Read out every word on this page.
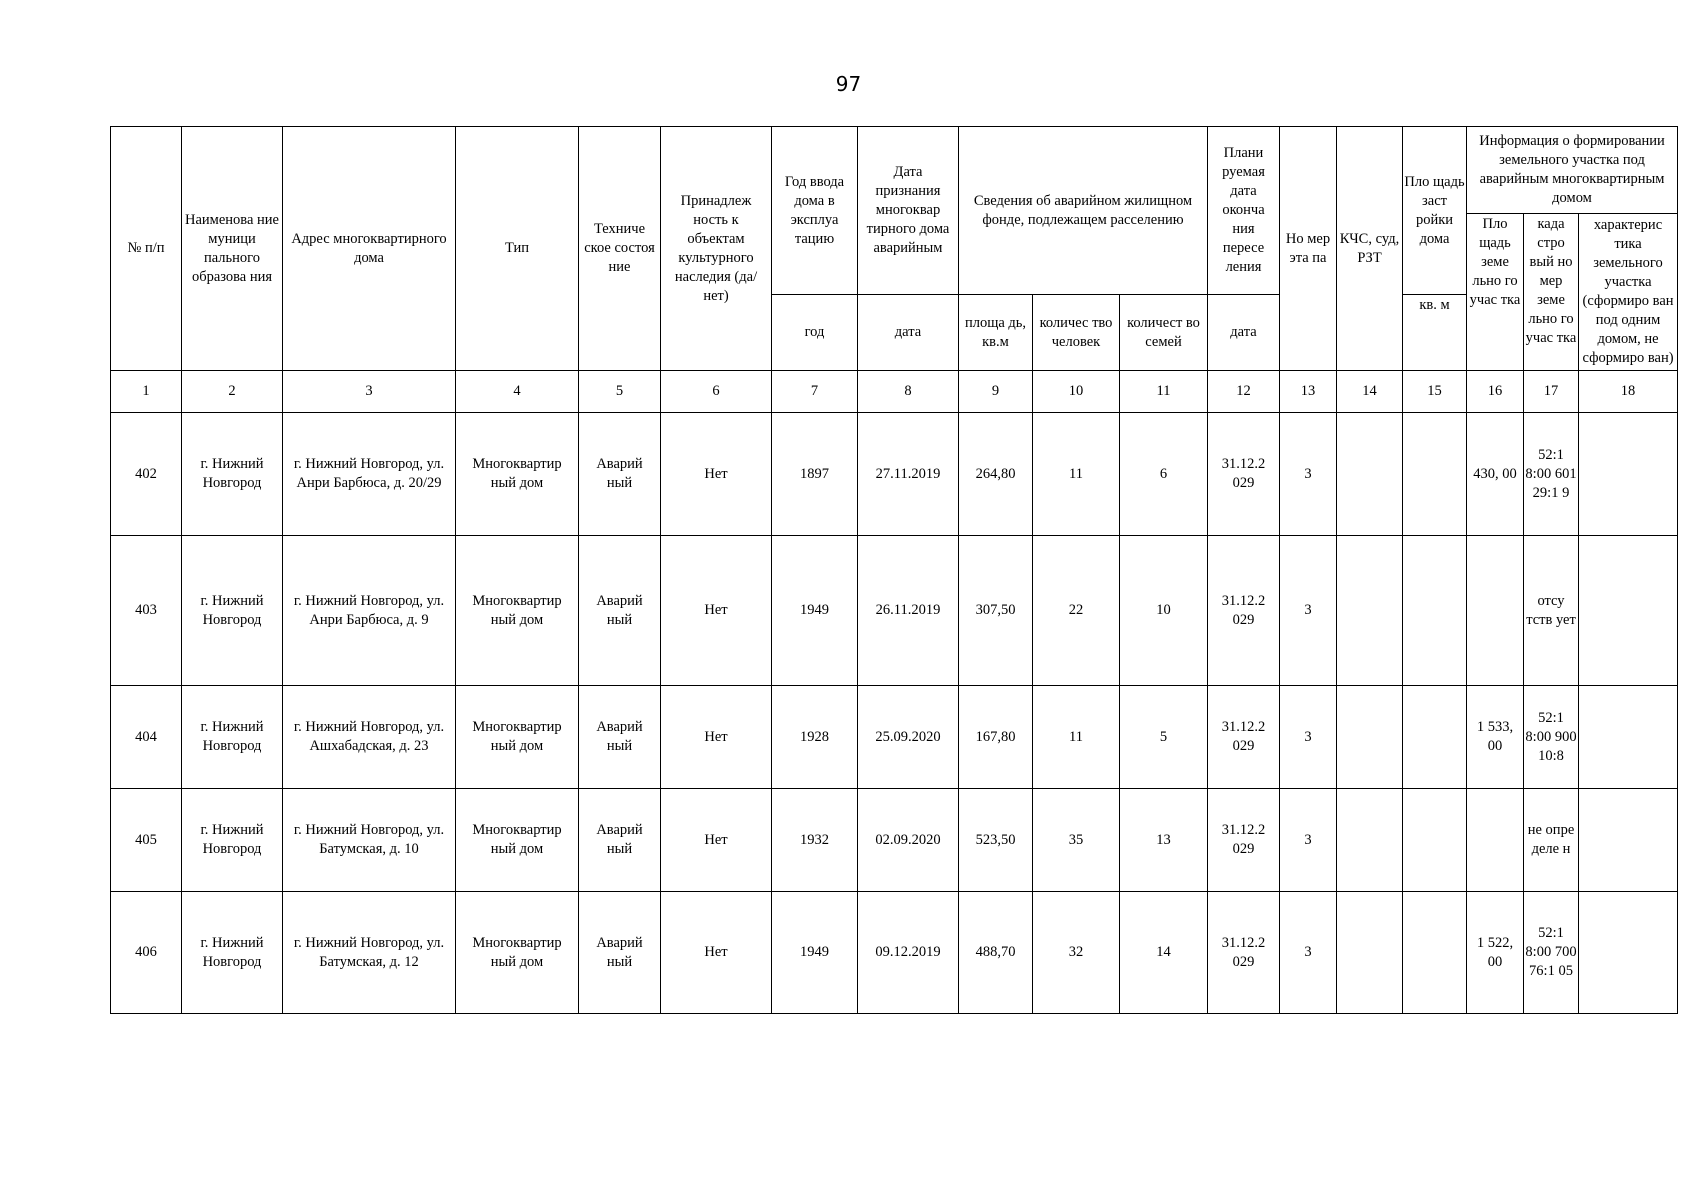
97
№ п/п	Наименова ние муници пального образова ния	Адрес многоквартирного дома	Тип	Техниче ское состоя ние	Принадлеж ность к объектам культурного наследия (да/нет)	Год ввода дома в эксплуа тацию	Дата признания многоквар тирного дома аварийным	Сведения об аварийном жилищном фонде, подлежащем расселению			Плани руемая дата оконча ния пересе ления	Но мер эта па	КЧС, суд, РЗТ	Пло щадь заст ройки дома	Информация о формировании земельного участка под аварийным многоквартирным домом		
															Пло щадь земе льно го учас тка	када стро вый но мер земе льно го учас тка	характерис тика земельного участка (сформиро ван под одним домом, не сформиро ван)
						год	дата	площа дь, кв.м	количес тво человек	количест во семей	дата			кв. м			
1	2	3	4	5	6	7	8	9	10	11	12	13	14	15	16	17	18
402	г. Нижний Новгород	г. Нижний Новгород, ул. Анри Барбюса, д. 20/29	Многоквартир ный дом	Аварий ный	Нет	1897	27.11.2019	264,80	11	6	31.12.2 029	3			430, 00	52:1 8:00 601 29:1 9	
403	г. Нижний Новгород	г. Нижний Новгород, ул. Анри Барбюса, д. 9	Многоквартир ный дом	Аварий ный	Нет	1949	26.11.2019	307,50	22	10	31.12.2 029	3				отсу тств ует	
404	г. Нижний Новгород	г. Нижний Новгород, ул. Ашхабадская, д. 23	Многоквартир ный дом	Аварий ный	Нет	1928	25.09.2020	167,80	11	5	31.12.2 029	3			1 533, 00	52:1 8:00 900 10:8	
405	г. Нижний Новгород	г. Нижний Новгород, ул. Батумская, д. 10	Многоквартир ный дом	Аварий ный	Нет	1932	02.09.2020	523,50	35	13	31.12.2 029	3				не опре деле н	
406	г. Нижний Новгород	г. Нижний Новгород, ул. Батумская, д. 12	Многоквартир ный дом	Аварий ный	Нет	1949	09.12.2019	488,70	32	14	31.12.2 029	3			1 522, 00	52:1 8:00 700 76:1 05	
